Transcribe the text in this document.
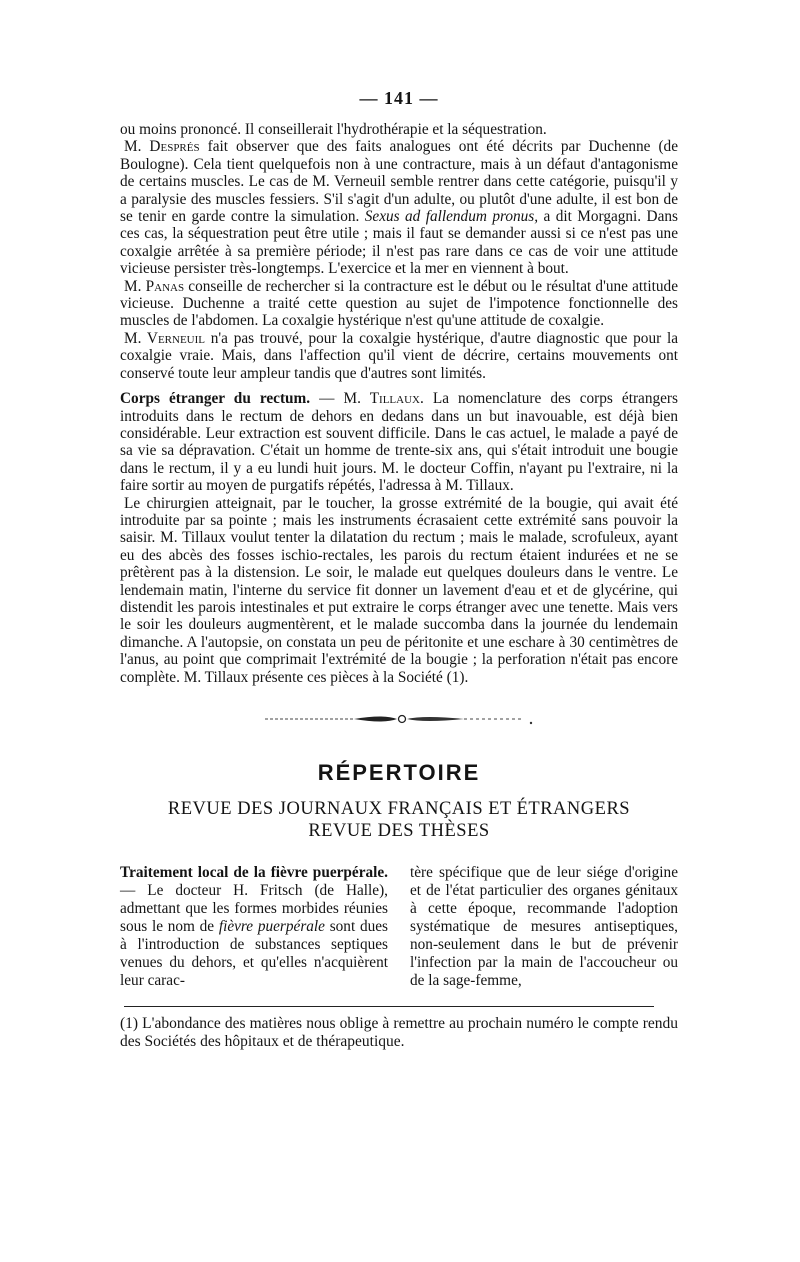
— 141 —

ou moins prononcé. Il conseillerait l'hydrothérapie et la séquestration.

M. Després fait observer que des faits analogues ont été décrits par Duchenne (de Boulogne). Cela tient quelquefois non à une contracture, mais à un défaut d'antagonisme de certains muscles. Le cas de M. Verneuil semble rentrer dans cette catégorie, puisqu'il y a paralysie des muscles fessiers. S'il s'agit d'un adulte, ou plutôt d'une adulte, il est bon de se tenir en garde contre la simulation. Sexus ad fallendum pronus, a dit Morgagni. Dans ces cas, la séquestration peut être utile ; mais il faut se demander aussi si ce n'est pas une coxalgie arrêtée à sa première période; il n'est pas rare dans ce cas de voir une attitude vicieuse persister très-longtemps. L'exercice et la mer en viennent à bout.

M. Panas conseille de rechercher si la contracture est le début ou le résultat d'une attitude vicieuse. Duchenne a traité cette question au sujet de l'impotence fonctionnelle des muscles de l'abdomen. La coxalgie hystérique n'est qu'une attitude de coxalgie.

M. Verneuil n'a pas trouvé, pour la coxalgie hystérique, d'autre diagnostic que pour la coxalgie vraie. Mais, dans l'affection qu'il vient de décrire, certains mouvements ont conservé toute leur ampleur tandis que d'autres sont limités.

Corps étranger du rectum. — M. Tillaux. La nomenclature des corps étrangers introduits dans le rectum de dehors en dedans dans un but inavouable, est déjà bien considérable. Leur extraction est souvent difficile. Dans le cas actuel, le malade a payé de sa vie sa dépravation. C'était un homme de trente-six ans, qui s'était introduit une bougie dans le rectum, il y a eu lundi huit jours. M. le docteur Coffin, n'ayant pu l'extraire, ni la faire sortir au moyen de purgatifs répétés, l'adressa à M. Tillaux.

Le chirurgien atteignait, par le toucher, la grosse extrémité de la bougie, qui avait été introduite par sa pointe ; mais les instruments écrasaient cette extrémité sans pouvoir la saisir. M. Tillaux voulut tenter la dilatation du rectum ; mais le malade, scrofuleux, ayant eu des abcès des fosses ischio-rectales, les parois du rectum étaient indurées et ne se prêtèrent pas à la distension. Le soir, le malade eut quelques douleurs dans le ventre. Le lendemain matin, l'interne du service fit donner un lavement d'eau et et de glycérine, qui distendit les parois intestinales et put extraire le corps étranger avec une tenette. Mais vers le soir les douleurs augmentèrent, et le malade succomba dans la journée du lendemain dimanche. A l'autopsie, on constata un peu de péritonite et une eschare à 30 centimètres de l'anus, au point que comprimait l'extrémité de la bougie ; la perforation n'était pas encore complète. M. Tillaux présente ces pièces à la Société (1).

RÉPERTOIRE
REVUE DES JOURNAUX FRANÇAIS ET ÉTRANGERS
REVUE DES THÈSES

Traitement local de la fièvre puerpérale. — Le docteur H. Fritsch (de Halle), admettant que les formes morbides réunies sous le nom de fièvre puerpérale sont dues à l'introduction de substances septiques venues du dehors, et qu'elles n'acquièrent leur carac-

tère spécifique que de leur siége d'origine et de l'état particulier des organes génitaux à cette époque, recommande l'adoption systématique de mesures antiseptiques, non-seulement dans le but de prévenir l'infection par la main de l'accoucheur ou de la sage-femme,

(1) L'abondance des matières nous oblige à remettre au prochain numéro le compte rendu des Sociétés des hôpitaux et de thérapeutique.
